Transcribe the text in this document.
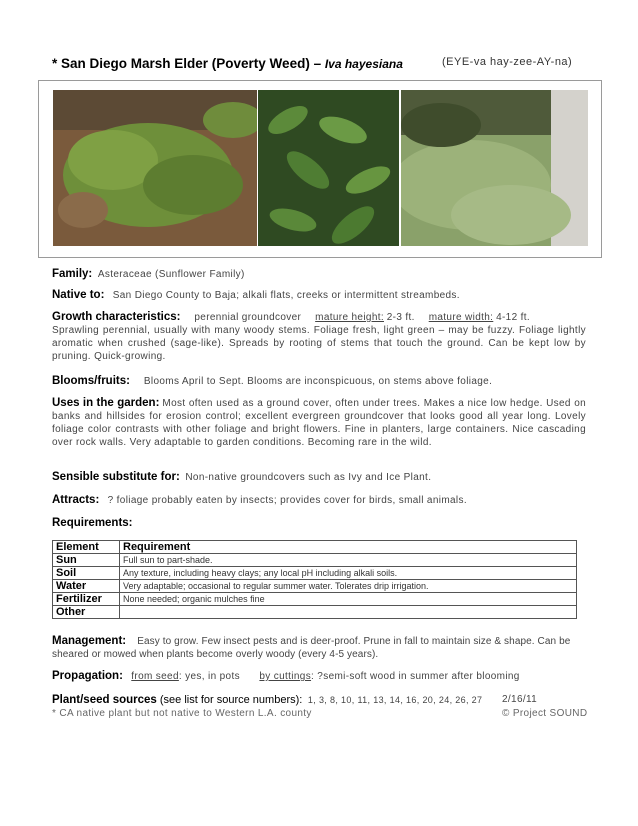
* San Diego Marsh Elder (Poverty Weed) – Iva hayesiana	(EYE-va hay-zee-AY-na)
Family: Asteraceae (Sunflower Family)
Native to: San Diego County to Baja; alkali flats, creeks or intermittent streambeds.
Growth characteristics: perennial groundcover mature height: 2-3 ft. mature width: 4-12 ft.
Sprawling perennial, usually with many woody stems. Foliage fresh, light green – may be fuzzy. Foliage lightly aromatic when crushed (sage-like). Spreads by rooting of stems that touch the ground. Can be kept low by pruning. Quick-growing.
Blooms/fruits: Blooms April to Sept. Blooms are inconspicuous, on stems above foliage.
Uses in the garden: Most often used as a ground cover, often under trees. Makes a nice low hedge. Used on banks and hillsides for erosion control; excellent evergreen groundcover that looks good all year long. Lovely foliage color contrasts with other foliage and bright flowers. Fine in planters, large containers. Nice cascading over rock walls. Very adaptable to garden conditions. Becoming rare in the wild.
Sensible substitute for: Non-native groundcovers such as Ivy and Ice Plant.
Attracts: ? foliage probably eaten by insects; provides cover for birds, small animals.
Requirements:
Element	Requirement
Sun	Full sun to part-shade.
Soil	Any texture, including heavy clays; any local pH including alkali soils.
Water	Very adaptable; occasional to regular summer water. Tolerates drip irrigation.
Fertilizer	None needed; organic mulches fine
Other	
Management: Easy to grow. Few insect pests and is deer-proof. Prune in fall to maintain size & shape. Can be sheared or mowed when plants become overly woody (every 4-5 years).
Propagation: from seed: yes, in pots by cuttings: ?semi-soft wood in summer after blooming
Plant/seed sources (see list for source numbers): 1, 3, 8, 10, 11, 13, 14, 16, 20, 24, 26, 27 2/16/11
* CA native plant but not native to Western L.A. county	© Project SOUND
